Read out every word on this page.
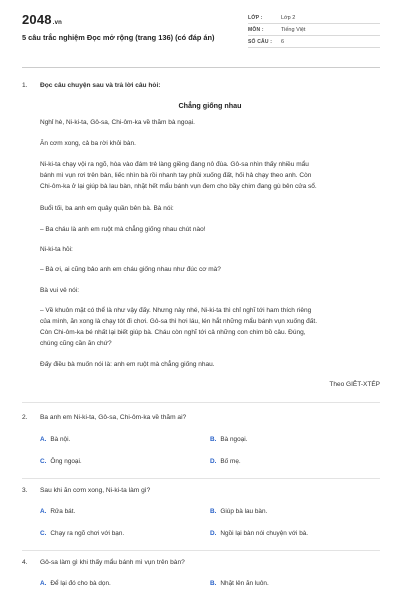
2048.vn
5 câu trắc nghiệm Đọc mở rộng (trang 136) (có đáp án)
LỚP :	Lớp 2
MÔN :	Tiếng Việt
SỐ CÂU :	6
1.	Đọc câu chuyện sau và trả lời câu hỏi:
Chẳng giống nhau
Nghỉ hè, Ni-ki-ta, Gô-sa, Chi-ôm-ka về thăm bà ngoại.
Ăn cơm xong, cả ba rời khỏi bàn.
Ni-ki-ta chạy vội ra ngõ, hòa vào đám trẻ làng giềng đang nô đùa. Gô-sa nhìn thấy nhiều mẩu
bánh mì vụn rơi trên bàn, liếc nhìn bà rồi nhanh tay phủi xuống đất, hối hả chạy theo anh. Còn
Chi-ôm-ka ở lại giúp bà lau bàn, nhặt hết mẩu bánh vụn đem cho bầy chim đang gù bên cửa sổ.
Buổi tối, ba anh em quây quần bên bà. Bà nói:
– Ba cháu là anh em ruột mà chẳng giống nhau chút nào!
Ni-ki-ta hỏi:
– Bà ơi, ai cũng bảo anh em cháu giống nhau như đúc cơ mà?
Bà vui vẻ nói:
– Về khuôn mặt có thể là như vậy đấy. Nhưng này nhé, Ni-ki-ta thì chỉ nghĩ tới ham thích riêng
của mình, ăn xong là chạy tót đi chơi. Gô-sa thì hơi láu, lén hắt những mẩu bánh vụn xuống đất.
Còn Chi-ôm-ka bé nhất lại biết giúp bà. Cháu còn nghĩ tới cả những con chim bồ câu. Đúng,
chúng cũng cần ăn chứ?
Đấy điều bà muốn nói là: anh em ruột mà chẳng giống nhau.
Theo GIÊT-XTÉP
2.	Ba anh em Ni-ki-ta, Gô-sa, Chi-ôm-ka về thăm ai?
A. Bà nội.	B. Bà ngoại.
C. Ông ngoại.	D. Bố mẹ.
3.	Sau khi ăn cơm xong, Ni-ki-ta làm gì?
A. Rửa bát.	B. Giúp bà lau bàn.
C. Chạy ra ngõ chơi với bạn.	D. Ngồi lại bàn nói chuyện với bà.
4.	Gô-sa làm gì khi thấy mẩu bánh mì vụn trên bàn?
A. Để lại đó cho bà dọn.	B. Nhặt lên ăn luôn.
